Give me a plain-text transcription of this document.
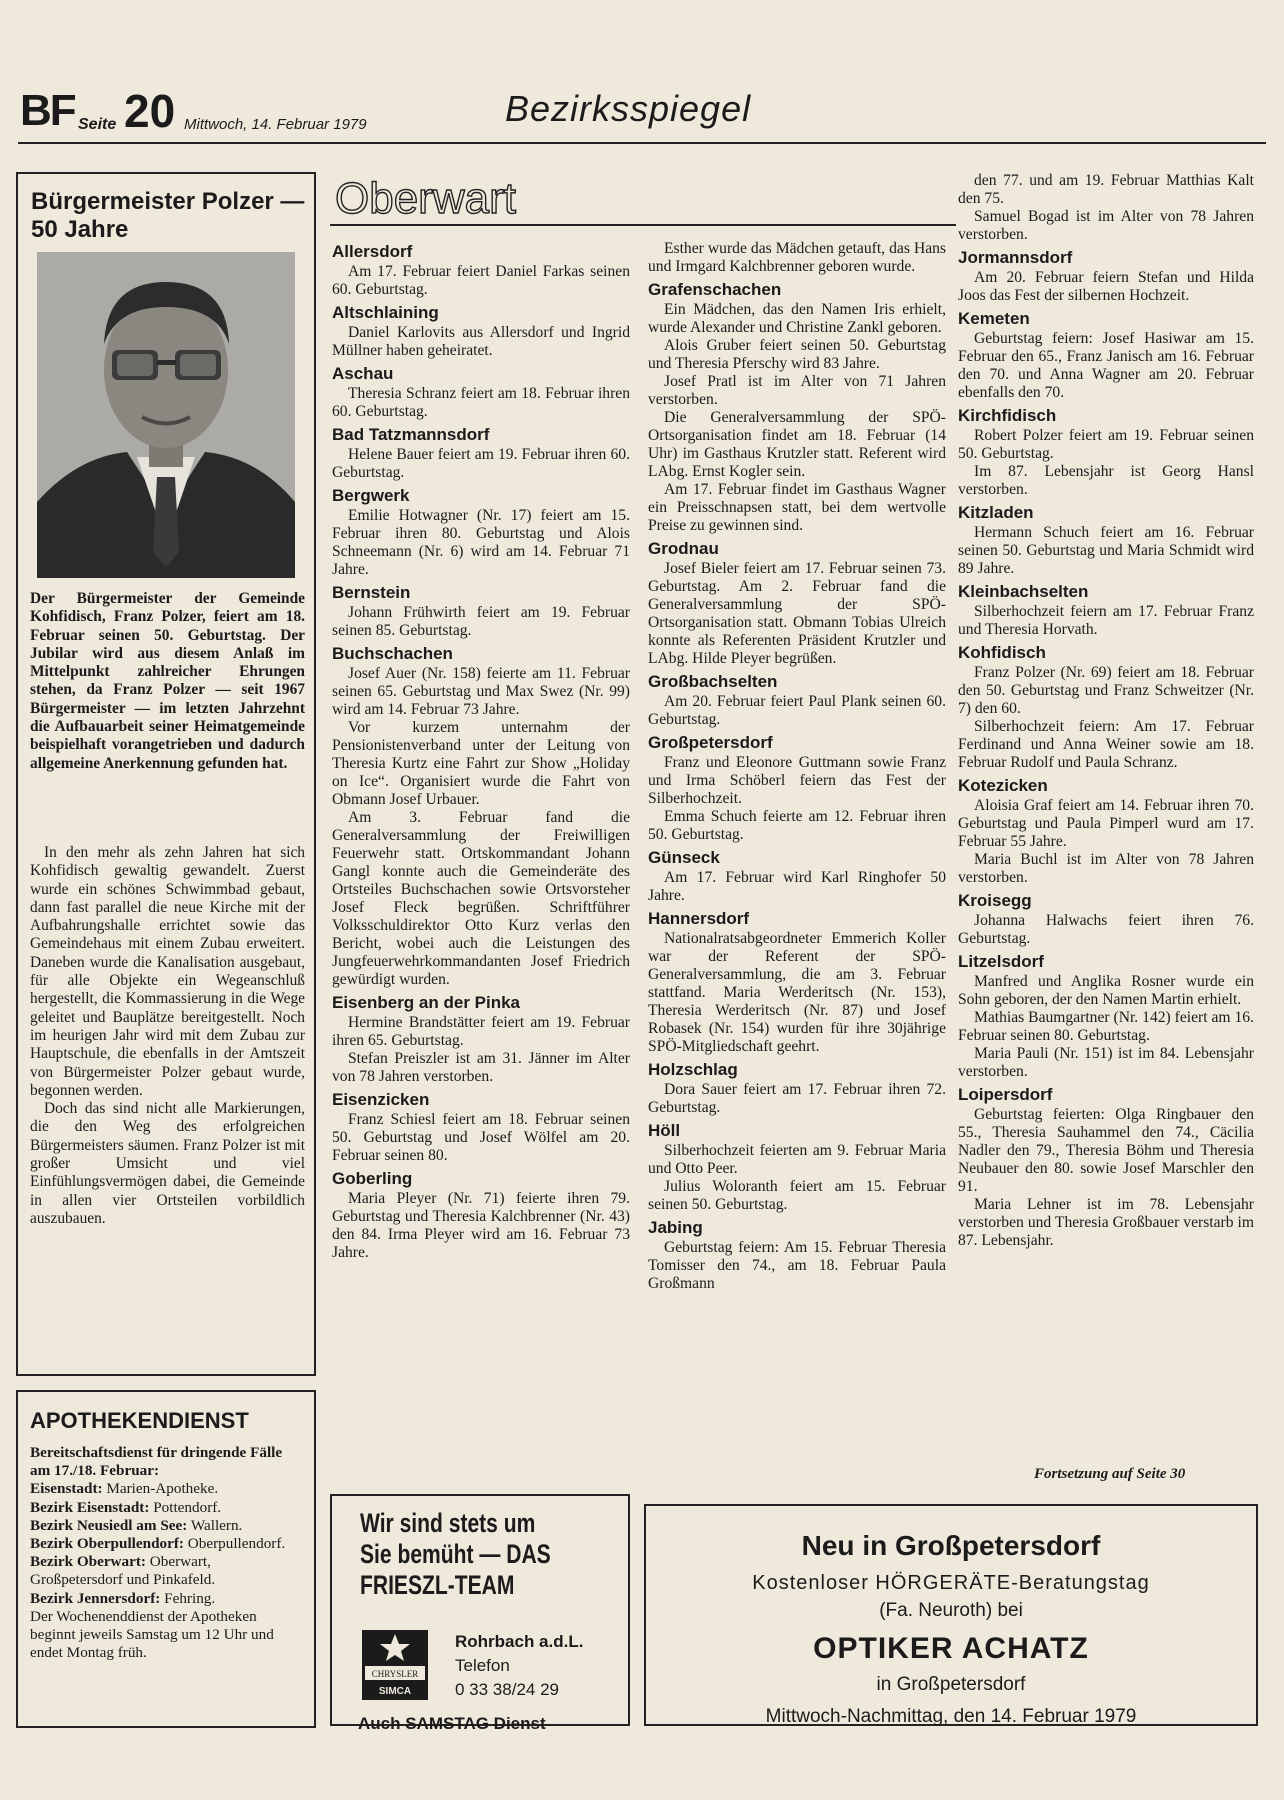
BF Seite 20 Mittwoch, 14. Februar 1979	Bezirksspiegel
Bürgermeister Polzer — 50 Jahre
Der Bürgermeister der Gemeinde Kohfidisch, Franz Polzer, feiert am 18. Februar seinen 50. Geburtstag. Der Jubilar wird aus diesem Anlaß im Mittelpunkt zahlreicher Ehrungen stehen, da Franz Polzer — seit 1967 Bürgermeister — im letzten Jahrzehnt die Aufbauarbeit seiner Heimatgemeinde beispielhaft vorangetrieben und dadurch allgemeine Anerkennung gefunden hat.

In den mehr als zehn Jahren hat sich Kohfidisch gewaltig gewandelt. Zuerst wurde ein schönes Schwimmbad gebaut, dann fast parallel die neue Kirche mit der Aufbahrungshalle errichtet sowie das Gemeindehaus mit einem Zubau erweitert. Daneben wurde die Kanalisation ausgebaut, für alle Objekte ein Wegeanschluß hergestellt, die Kommassierung in die Wege geleitet und Bauplätze bereitgestellt. Noch im heurigen Jahr wird mit dem Zubau zur Hauptschule, die ebenfalls in der Amtszeit von Bürgermeister Polzer gebaut wurde, begonnen werden.

Doch das sind nicht alle Markierungen, die den Weg des erfolgreichen Bürgermeisters säumen. Franz Polzer ist mit großer Umsicht und viel Einfühlungsvermögen dabei, die Gemeinde in allen vier Ortsteilen vorbildlich auszubauen.

APOTHEKENDIENST
Bereitschaftsdienst für dringende Fälle am 17./18. Februar:
Eisenstadt: Marien-Apotheke.
Bezirk Eisenstadt: Pottendorf.
Bezirk Neusiedl am See: Wallern.
Bezirk Oberpullendorf: Oberpullendorf.
Bezirk Oberwart: Oberwart, Großpetersdorf und Pinkafeld.
Bezirk Jennersdorf: Fehring.
Der Wochenenddienst der Apotheken beginnt jeweils Samstag um 12 Uhr und endet Montag früh.
Oberwart
Allersdorf

Am 17. Februar feiert Daniel Farkas seinen 60. Geburtstag.

Altschlaining

Daniel Karlovits aus Allersdorf und Ingrid Müllner haben geheiratet.

Aschau

Theresia Schranz feiert am 18. Februar ihren 60. Geburtstag.

Bad Tatzmannsdorf

Helene Bauer feiert am 19. Februar ihren 60. Geburtstag.

Bergwerk

Emilie Hotwagner (Nr. 17) feiert am 15. Februar ihren 80. Geburtstag und Alois Schneemann (Nr. 6) wird am 14. Februar 71 Jahre.

Bernstein

Johann Frühwirth feiert am 19. Februar seinen 85. Geburtstag.

Buchschachen

Josef Auer (Nr. 158) feierte am 11. Februar seinen 65. Geburtstag und Max Swez (Nr. 99) wird am 14. Februar 73 Jahre.

Vor kurzem unternahm der Pensionistenverband unter der Leitung von Theresia Kurtz eine Fahrt zur Show „Holiday on Ice“. Organisiert wurde die Fahrt von Obmann Josef Urbauer.

Am 3. Februar fand die Generalversammlung der Freiwilligen Feuerwehr statt. Ortskommandant Johann Gangl konnte auch die Gemeinderäte des Ortsteiles Buchschachen sowie Ortsvorsteher Josef Fleck begrüßen. Schriftführer Volksschuldirektor Otto Kurz verlas den Bericht, wobei auch die Leistungen des Jungfeuerwehrkommandanten Josef Friedrich gewürdigt wurden.

Eisenberg an der Pinka

Hermine Brandstätter feiert am 19. Februar ihren 65. Geburtstag.

Stefan Preiszler ist am 31. Jänner im Alter von 78 Jahren verstorben.

Eisenzicken

Franz Schiesl feiert am 18. Februar seinen 50. Geburtstag und Josef Wölfel am 20. Februar seinen 80.

Goberling

Maria Pleyer (Nr. 71) feierte ihren 79. Geburtstag und Theresia Kalchbrenner (Nr. 43) den 84. Irma Pleyer wird am 16. Februar 73 Jahre.

Esther wurde das Mädchen getauft, das Hans und Irmgard Kalchbrenner geboren wurde.

Grafenschachen

Ein Mädchen, das den Namen Iris erhielt, wurde Alexander und Christine Zankl geboren.

Alois Gruber feiert seinen 50. Geburtstag und Theresia Pferschy wird 83 Jahre.

Josef Pratl ist im Alter von 71 Jahren verstorben.

Die Generalversammlung der SPÖ-Ortsorganisation findet am 18. Februar (14 Uhr) im Gasthaus Krutzler statt. Referent wird LAbg. Ernst Kogler sein.

Am 17. Februar findet im Gasthaus Wagner ein Preisschnapsen statt, bei dem wertvolle Preise zu gewinnen sind.

Grodnau

Josef Bieler feiert am 17. Februar seinen 73. Geburtstag. Am 2. Februar fand die Generalversammlung der SPÖ-Ortsorganisation statt. Obmann Tobias Ulreich konnte als Referenten Präsident Krutzler und LAbg. Hilde Pleyer begrüßen.

Großbachselten

Am 20. Februar feiert Paul Plank seinen 60. Geburtstag.

Großpetersdorf

Franz und Eleonore Guttmann sowie Franz und Irma Schöberl feiern das Fest der Silberhochzeit.

Emma Schuch feierte am 12. Februar ihren 50. Geburtstag.

Günseck

Am 17. Februar wird Karl Ringhofer 50 Jahre.

Hannersdorf

Nationalratsabgeordneter Emmerich Koller war der Referent der SPÖ-Generalversammlung, die am 3. Februar stattfand. Maria Werderitsch (Nr. 153), Theresia Werderitsch (Nr. 87) und Josef Robasek (Nr. 154) wurden für ihre 30jährige SPÖ-Mitgliedschaft geehrt.

Holzschlag

Dora Sauer feiert am 17. Februar ihren 72. Geburtstag.

Höll

Silberhochzeit feierten am 9. Februar Maria und Otto Peer.

Julius Woloranth feiert am 15. Februar seinen 50. Geburtstag.

Jabing

Geburtstag feiern: Am 15. Februar Theresia Tomisser den 74., am 18. Februar Paula Großmann

den 77. und am 19. Februar Matthias Kalt den 75.

Samuel Bogad ist im Alter von 78 Jahren verstorben.

Jormannsdorf

Am 20. Februar feiern Stefan und Hilda Joos das Fest der silbernen Hochzeit.

Kemeten

Geburtstag feiern: Josef Hasiwar am 15. Februar den 65., Franz Janisch am 16. Februar den 70. und Anna Wagner am 20. Februar ebenfalls den 70.

Kirchfidisch

Robert Polzer feiert am 19. Februar seinen 50. Geburtstag.

Im 87. Lebensjahr ist Georg Hansl verstorben.

Kitzladen

Hermann Schuch feiert am 16. Februar seinen 50. Geburtstag und Maria Schmidt wird 89 Jahre.

Kleinbachselten

Silberhochzeit feiern am 17. Februar Franz und Theresia Horvath.

Kohfidisch

Franz Polzer (Nr. 69) feiert am 18. Februar den 50. Geburtstag und Franz Schweitzer (Nr. 7) den 60.

Silberhochzeit feiern: Am 17. Februar Ferdinand und Anna Weiner sowie am 18. Februar Rudolf und Paula Schranz.

Kotezicken

Aloisia Graf feiert am 14. Februar ihren 70. Geburtstag und Paula Pimperl wurd am 17. Februar 55 Jahre.

Maria Buchl ist im Alter von 78 Jahren verstorben.

Kroisegg

Johanna Halwachs feiert ihren 76. Geburtstag.

Litzelsdorf

Manfred und Anglika Rosner wurde ein Sohn geboren, der den Namen Martin erhielt.

Mathias Baumgartner (Nr. 142) feiert am 16. Februar seinen 80. Geburtstag.

Maria Pauli (Nr. 151) ist im 84. Lebensjahr verstorben.

Loipersdorf

Geburtstag feierten: Olga Ringbauer den 55., Theresia Sauhammel den 74., Cäcilia Nadler den 79., Theresia Böhm und Theresia Neubauer den 80. sowie Josef Marschler den 91.

Maria Lehner ist im 78. Lebensjahr verstorben und Theresia Großbauer verstarb im 87. Lebensjahr.

Fortsetzung auf Seite 30
Wir sind stets um Sie bemüht — DAS FRIESZL-TEAM
CHRYSLER
SIMCA
Rohrbach a.d.L.
Telefon
0 33 38/24 29
Auch SAMSTAG Dienst
Neu in Großpetersdorf
Kostenloser HÖRGERÄTE-Beratungstag
(Fa. Neuroth) bei
OPTIKER ACHATZ
in Großpetersdorf
Mittwoch-Nachmittag, den 14. Februar 1979
